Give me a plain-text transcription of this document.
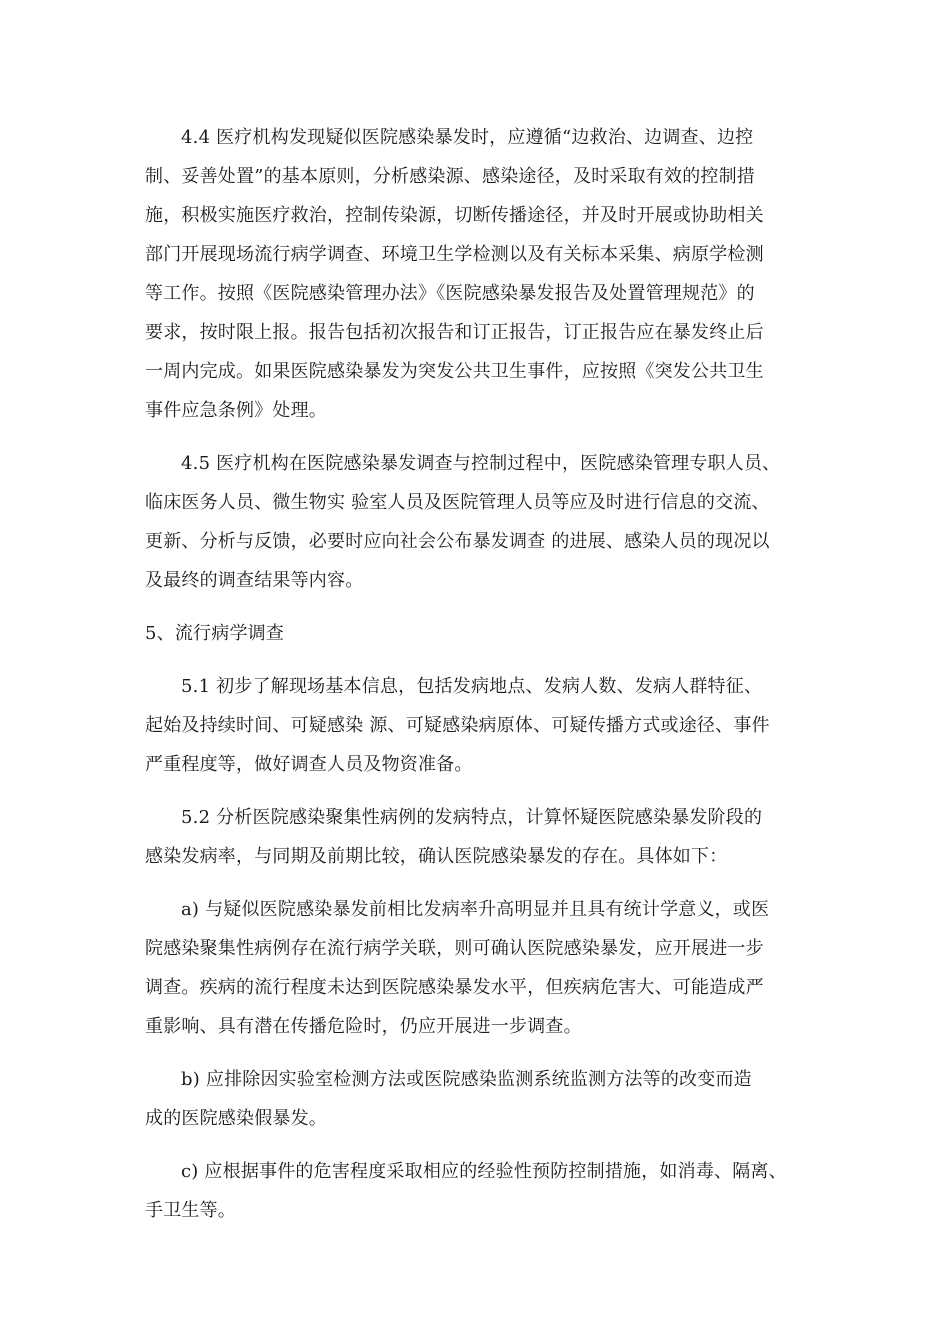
4.4 医疗机构发现疑似医院感染暴发时，应遵循“边救治、边调查、边控
制、妥善处置”的基本原则，分析感染源、感染途径，及时采取有效的控制措
施，积极实施医疗救治，控制传染源，切断传播途径，并及时开展或协助相关
部门开展现场流行病学调查、环境卫生学检测以及有关标本采集、病原学检测
等工作。按照《医院感染管理办法》《医院感染暴发报告及处置管理规范》的
要求，按时限上报。报告包括初次报告和订正报告，订正报告应在暴发终止后
一周内完成。如果医院感染暴发为突发公共卫生事件，应按照《突发公共卫生
事件应急条例》处理。
4.5 医疗机构在医院感染暴发调查与控制过程中，医院感染管理专职人员、
临床医务人员、微生物实 验室人员及医院管理人员等应及时进行信息的交流、
更新、分析与反馈，必要时应向社会公布暴发调查 的进展、感染人员的现况以
及最终的调查结果等内容。
5、流行病学调查
5.1 初步了解现场基本信息，包括发病地点、发病人数、发病人群特征、
起始及持续时间、可疑感染 源、可疑感染病原体、可疑传播方式或途径、事件
严重程度等，做好调查人员及物资准备。
5.2 分析医院感染聚集性病例的发病特点，计算怀疑医院感染暴发阶段的
感染发病率，与同期及前期比较，确认医院感染暴发的存在。具体如下：
a) 与疑似医院感染暴发前相比发病率升高明显并且具有统计学意义，或医
院感染聚集性病例存在流行病学关联，则可确认医院感染暴发，应开展进一步
调查。疾病的流行程度未达到医院感染暴发水平，但疾病危害大、可能造成严
重影响、具有潜在传播危险时，仍应开展进一步调查。
b) 应排除因实验室检测方法或医院感染监测系统监测方法等的改变而造
成的医院感染假暴发。
c) 应根据事件的危害程度采取相应的经验性预防控制措施，如消毒、隔离、
手卫生等。
